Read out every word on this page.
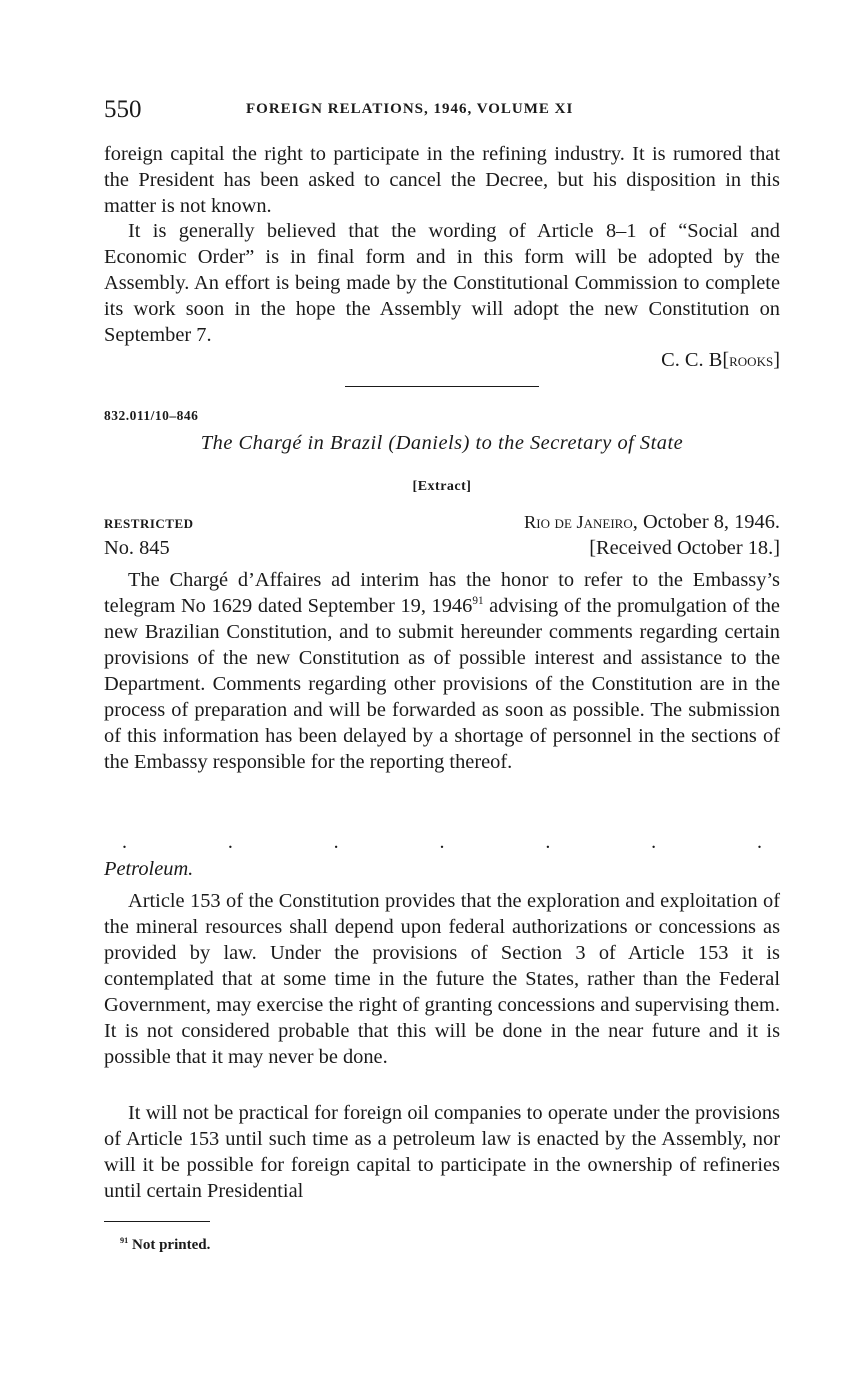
550	FOREIGN RELATIONS, 1946, VOLUME XI
foreign capital the right to participate in the refining industry. It is rumored that the President has been asked to cancel the Decree, but his disposition in this matter is not known.
It is generally believed that the wording of Article 8–1 of “Social and Economic Order” is in final form and in this form will be adopted by the Assembly. An effort is being made by the Constitutional Commission to complete its work soon in the hope the Assembly will adopt the new Constitution on September 7.
C. C. B[rooks]
832.011/10–846
The Chargé in Brazil (Daniels) to the Secretary of State
[Extract]
RESTRICTED	Rio de Janeiro, October 8, 1946.
No. 845	[Received October 18.]
The Chargé d’Affaires ad interim has the honor to refer to the Embassy’s telegram No 1629 dated September 19, 1946$^{91}$ advising of the promulgation of the new Brazilian Constitution, and to submit hereunder comments regarding certain provisions of the new Constitution as of possible interest and assistance to the Department. Comments regarding other provisions of the Constitution are in the process of preparation and will be forwarded as soon as possible. The submission of this information has been delayed by a shortage of personnel in the sections of the Embassy responsible for the reporting thereof.
.	.	.	.	.	.	.
Petroleum.
Article 153 of the Constitution provides that the exploration and exploitation of the mineral resources shall depend upon federal authorizations or concessions as provided by law. Under the provisions of Section 3 of Article 153 it is contemplated that at some time in the future the States, rather than the Federal Government, may exercise the right of granting concessions and supervising them. It is not considered probable that this will be done in the near future and it is possible that it may never be done.
It will not be practical for foreign oil companies to operate under the provisions of Article 153 until such time as a petroleum law is enacted by the Assembly, nor will it be possible for foreign capital to participate in the ownership of refineries until certain Presidential
$^{91}$ Not printed.
